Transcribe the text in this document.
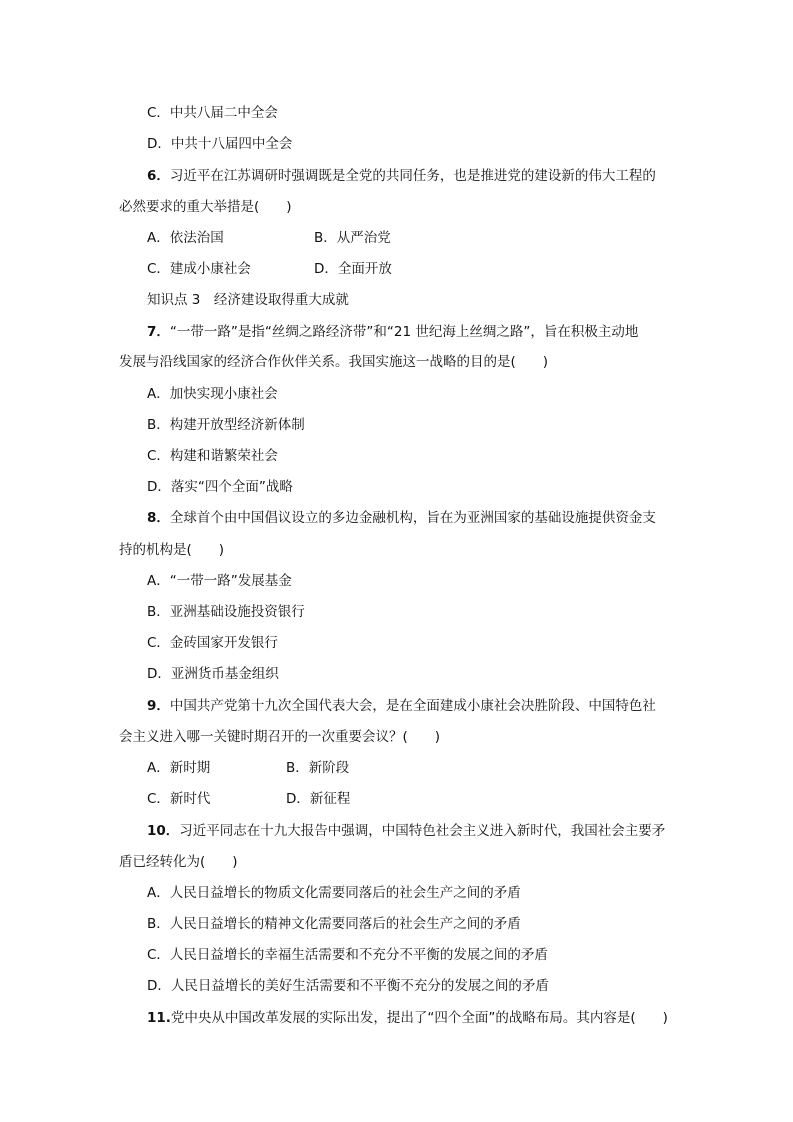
C．中共八届二中全会
D．中共十八届四中全会
6．习近平在江苏调研时强调既是全党的共同任务，也是推进党的建设新的伟大工程的
必然要求的重大举措是(　　)
A．依法治国	B．从严治党
C．建成小康社会	D．全面开放
知识点 3　经济建设取得重大成就
7．“一带一路”是指“丝绸之路经济带”和“21 世纪海上丝绸之路”，旨在积极主动地
发展与沿线国家的经济合作伙伴关系。我国实施这一战略的目的是(　　)
A．加快实现小康社会
B．构建开放型经济新体制
C．构建和谐繁荣社会
D．落实“四个全面”战略
8．全球首个由中国倡议设立的多边金融机构，旨在为亚洲国家的基础设施提供资金支
持的机构是(　　)
A．“一带一路”发展基金
B．亚洲基础设施投资银行
C．金砖国家开发银行
D．亚洲货币基金组织
9．中国共产党第十九次全国代表大会，是在全面建成小康社会决胜阶段、中国特色社
会主义进入哪一关键时期召开的一次重要会议？(　　)
A．新时期	B．新阶段
C．新时代	D．新征程
10．习近平同志在十九大报告中强调，中国特色社会主义进入新时代，我国社会主要矛
盾已经转化为(　　)
A．人民日益增长的物质文化需要同落后的社会生产之间的矛盾
B．人民日益增长的精神文化需要同落后的社会生产之间的矛盾
C．人民日益增长的幸福生活需要和不充分不平衡的发展之间的矛盾
D．人民日益增长的美好生活需要和不平衡不充分的发展之间的矛盾
11.党中央从中国改革发展的实际出发，提出了“四个全面”的战略布局。其内容是(　　)
